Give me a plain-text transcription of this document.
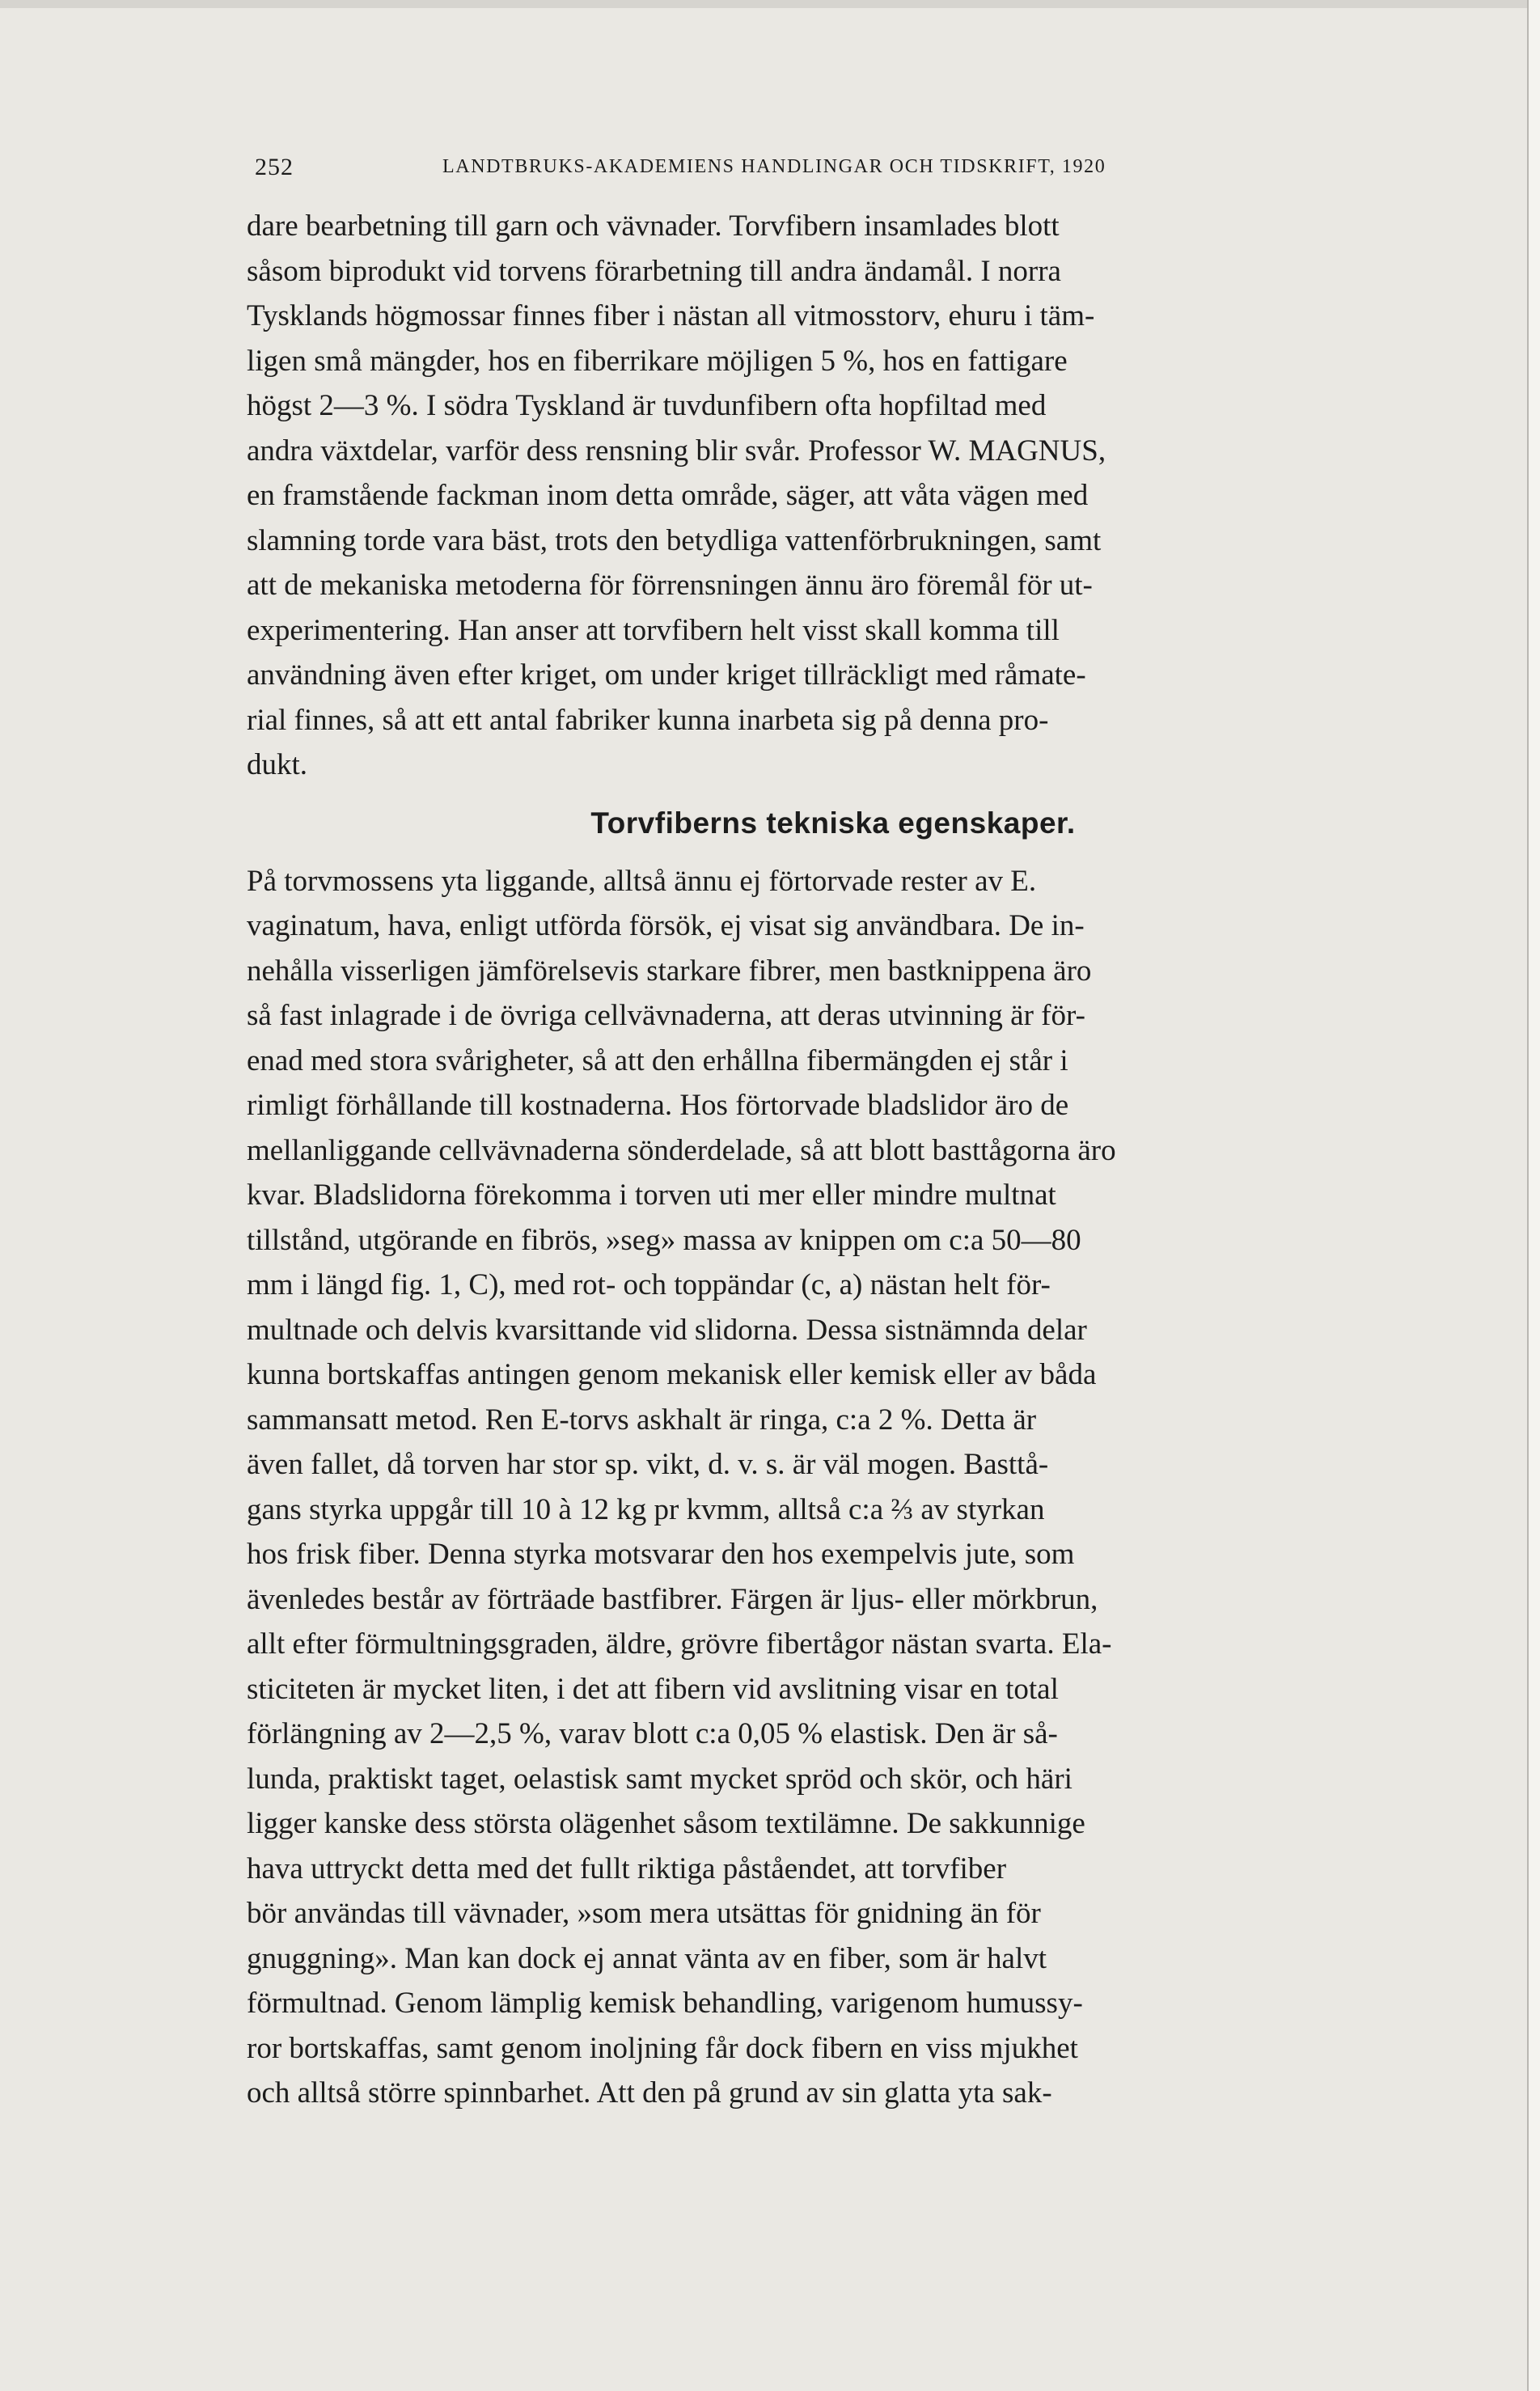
252	LANDTBRUKS-AKADEMIENS HANDLINGAR OCH TIDSKRIFT, 1920
dare bearbetning till garn och vävnader. Torvfibern insamlades blott
såsom biprodukt vid torvens förarbetning till andra ändamål. I norra
Tysklands högmossar finnes fiber i nästan all vitmosstorv, ehuru i täm-
ligen små mängder, hos en fiberrikare möjligen 5 %, hos en fattigare
högst 2—3 %. I södra Tyskland är tuvdunfibern ofta hopfiltad med
andra växtdelar, varför dess rensning blir svår. Professor W. MAGNUS,
en framstående fackman inom detta område, säger, att våta vägen med
slamning torde vara bäst, trots den betydliga vattenförbrukningen, samt
att de mekaniska metoderna för förrensningen ännu äro föremål för ut-
experimentering. Han anser att torvfibern helt visst skall komma till
användning även efter kriget, om under kriget tillräckligt med råmate-
rial finnes, så att ett antal fabriker kunna inarbeta sig på denna pro-
dukt.
Torvfiberns tekniska egenskaper.
På torvmossens yta liggande, alltså ännu ej förtorvade rester av E.
vaginatum, hava, enligt utförda försök, ej visat sig användbara. De in-
nehålla visserligen jämförelsevis starkare fibrer, men bastknippena äro
så fast inlagrade i de övriga cellvävnaderna, att deras utvinning är för-
enad med stora svårigheter, så att den erhållna fibermängden ej står i
rimligt förhållande till kostnaderna. Hos förtorvade bladslidor äro de
mellanliggande cellvävnaderna sönderdelade, så att blott basttågorna äro
kvar. Bladslidorna förekomma i torven uti mer eller mindre multnat
tillstånd, utgörande en fibrös, »seg» massa av knippen om c:a 50—80
mm i längd fig. 1, C), med rot- och toppändar (c, a) nästan helt för-
multnade och delvis kvarsittande vid slidorna. Dessa sistnämnda delar
kunna bortskaffas antingen genom mekanisk eller kemisk eller av båda
sammansatt metod. Ren E-torvs askhalt är ringa, c:a 2 %. Detta är
även fallet, då torven har stor sp. vikt, d. v. s. är väl mogen. Basttå-
gans styrka uppgår till 10 à 12 kg pr kvmm, alltså c:a ⅔ av styrkan
hos frisk fiber. Denna styrka motsvarar den hos exempelvis jute, som
ävenledes består av förträade bastfibrer. Färgen är ljus- eller mörkbrun,
allt efter förmultningsgraden, äldre, grövre fibertågor nästan svarta. Ela-
sticiteten är mycket liten, i det att fibern vid avslitning visar en total
förlängning av 2—2,5 %, varav blott c:a 0,05 % elastisk. Den är så-
lunda, praktiskt taget, oelastisk samt mycket spröd och skör, och häri
ligger kanske dess största olägenhet såsom textilämne. De sakkunnige
hava uttryckt detta med det fullt riktiga påståendet, att torvfiber
bör användas till vävnader, »som mera utsättas för gnidning än för
gnuggning». Man kan dock ej annat vänta av en fiber, som är halvt
förmultnad. Genom lämplig kemisk behandling, varigenom humussy-
ror bortskaffas, samt genom inoljning får dock fibern en viss mjukhet
och alltså större spinnbarhet. Att den på grund av sin glatta yta sak-
